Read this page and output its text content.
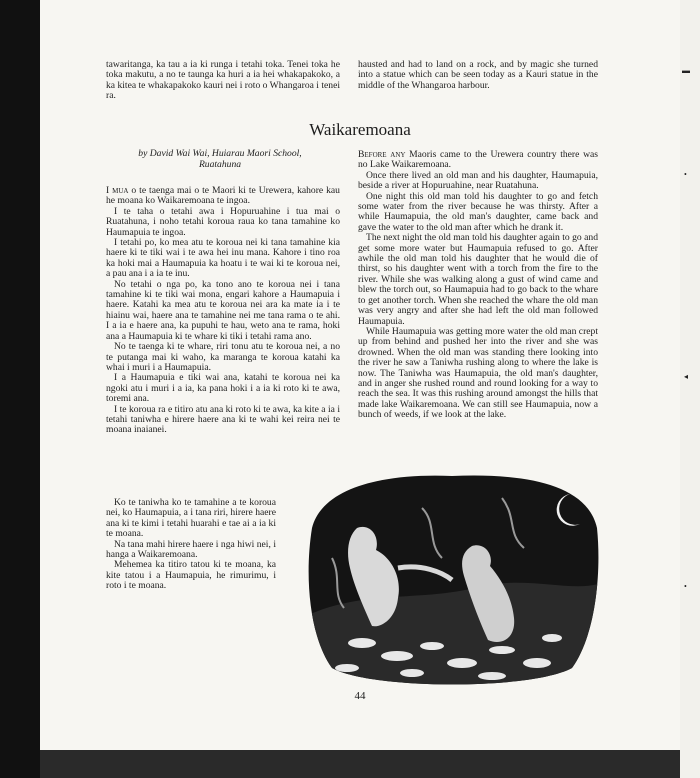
tawaritanga, ka tau a ia ki runga i tetahi toka. Tenei toka he toka makutu, a no te taunga ka huri a ia hei whakapakoko, a ka kitea te whakapakoko kauri nei i roto o Whangaroa i tenei ra.

hausted and had to land on a rock, and by magic she turned into a statue which can be seen today as a Kauri statue in the middle of the Whangaroa harbour.

Waikaremoana
by David Wai Wai, Huiarau Maori School, Ruatahuna

I mua o te taenga mai o te Maori ki te Urewera, kahore kau he moana ko Waikaremoana te ingoa.

I te taha o tetahi awa i Hopuruahine i tua mai o Ruatahuna, i noho tetahi koroua raua ko tana tamahine ko Haumapuia te ingoa.

I tetahi po, ko mea atu te koroua nei ki tana tamahine kia haere ki te tiki wai i te awa hei inu mana. Kahore i tino roa ka hoki mai a Haumapuia ka hoatu i te wai ki te koroua nei, a pau ana i a ia te inu.

No tetahi o nga po, ka tono ano te koroua nei i tana tamahine ki te tiki wai mona, engari kahore a Haumapuia i haere. Katahi ka mea atu te koroua nei ara ka mate ia i te hiainu wai, haere ana te tamahine nei me tana rama o te ahi. I a ia e haere ana, ka pupuhi te hau, weto ana te rama, hoki ana a Haumapuia ki te whare ki tiki i tetahi rama ano.

No te taenga ki te whare, riri tonu atu te koroua nei, a no te putanga mai ki waho, ka maranga te koroua katahi ka whai i muri i a Haumapuia.

I a Haumapuia e tiki wai ana, katahi te koroua nei ka ngoki atu i muri i a ia, ka pana hoki i a ia ki roto ki te awa, toremi ana.

I te koroua ra e titiro atu ana ki roto ki te awa, ka kite a ia i tetahi taniwha e hirere haere ana ki te wahi kei reira nei te moana inaianei.

Ko te taniwha ko te tamahine a te koroua nei, ko Haumapuia, a i tana riri, hirere haere ana ki te kimi i tetahi huarahi e tae ai a ia ki te moana.

Na tana mahi hirere haere i nga hiwi nei, i hanga a Waikaremoana.

Mehemea ka titiro tatou ki te moana, ka kite tatou i a Haumapuia, he rimurimu, i roto i te moana.

Before any Maoris came to the Urewera country there was no Lake Waikaremoana.

Once there lived an old man and his daughter, Haumapuia, beside a river at Hopuruahine, near Ruatahuna.

One night this old man told his daughter to go and fetch some water from the river because he was thirsty. After a while Haumapuia, the old man's daughter, came back and gave the water to the old man after which he drank it.

The next night the old man told his daughter again to go and get some more water but Haumapuia refused to go. After awhile the old man told his daughter that he would die of thirst, so his daughter went with a torch from the fire to the river. While she was walking along a gust of wind came and blew the torch out, so Haumapuia had to go back to the whare to get another torch. When she reached the whare the old man was very angry and after she had left the old man followed Haumapuia.

While Haumapuia was getting more water the old man crept up from behind and pushed her into the river and she was drowned. When the old man was standing there looking into the river he saw a Taniwha rushing along to where the lake is now. The Taniwha was Haumapuia, the old man's daughter, and in anger she rushed round and round looking for a way to reach the sea. It was this rushing around amongst the hills that made lake Waikaremoana. We can still see Haumapuia, now a bunch of weeds, if we look at the lake.

44
▬
•
◂
•
